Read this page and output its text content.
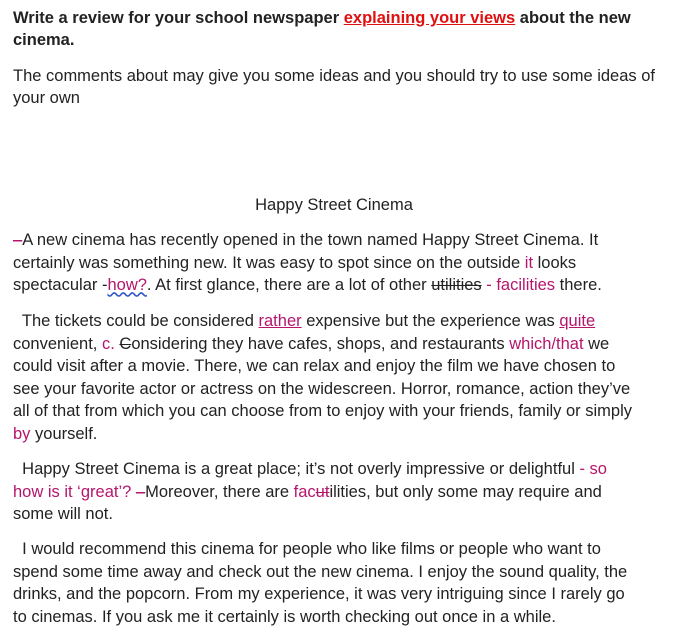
Write a review for your school newspaper explaining your views about the new cinema.
The comments about may give you some ideas and you should try to use some ideas of your own
Happy Street Cinema
–A new cinema has recently opened in the town named Happy Street Cinema. It
certainly was something new. It was easy to spot since on the outside it looks
spectacular -how?. At first glance, there are a lot of other utilities - facilities there.
The tickets could be considered rather expensive but the experience was quite
convenient, c. Considering they have cafes, shops, and restaurants which/that we
could visit after a movie. There, we can relax and enjoy the film we have chosen to
see your favorite actor or actress on the widescreen. Horror, romance, action they’ve
all of that from which you can choose from to enjoy with your friends, family or simply
by yourself.
Happy Street Cinema is a great place; it’s not overly impressive or delightful - so
how is it ‘great’? –Moreover, there are facutilities, but only some may require and
some will not.
I would recommend this cinema for people who like films or people who want to
spend some time away and check out the new cinema. I enjoy the sound quality, the
drinks, and the popcorn. From my experience, it was very intriguing since I rarely go
to cinemas. If you ask me it certainly is worth checking out once in a while.
